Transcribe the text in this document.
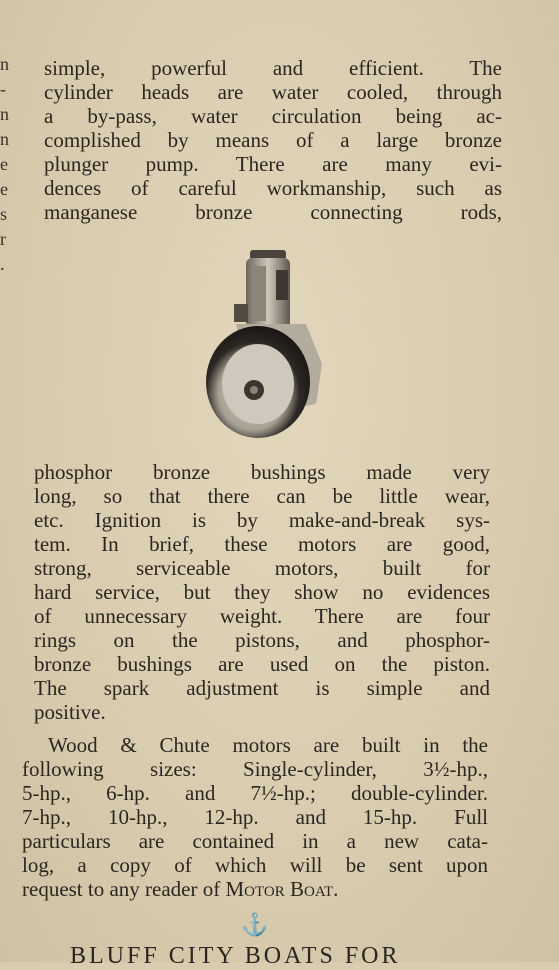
n
-
n
n
e
e
s
r
.
simple, powerful and efficient. The
cylinder heads are water cooled, through
a by-pass, water circulation being ac-
complished by means of a large bronze
plunger pump. There are many evi-
dences of careful workmanship, such as
manganese bronze connecting rods,
phosphor bronze bushings made very
long, so that there can be little wear,
etc. Ignition is by make-and-break sys-
tem. In brief, these motors are good,
strong, serviceable motors, built for
hard service, but they show no evidences
of unnecessary weight. There are four
rings on the pistons, and phosphor-
bronze bushings are used on the piston.
The spark adjustment is simple and
positive.
Wood & Chute motors are built in the
following sizes: Single-cylinder, 3½-hp.,
5-hp., 6-hp. and 7½-hp.; double-cylinder.
7-hp., 10-hp., 12-hp. and 15-hp. Full
particulars are contained in a new cata-
log, a copy of which will be sent upon
request to any reader of Motor Boat.
⚓
BLUFF CITY BOATS FOR
